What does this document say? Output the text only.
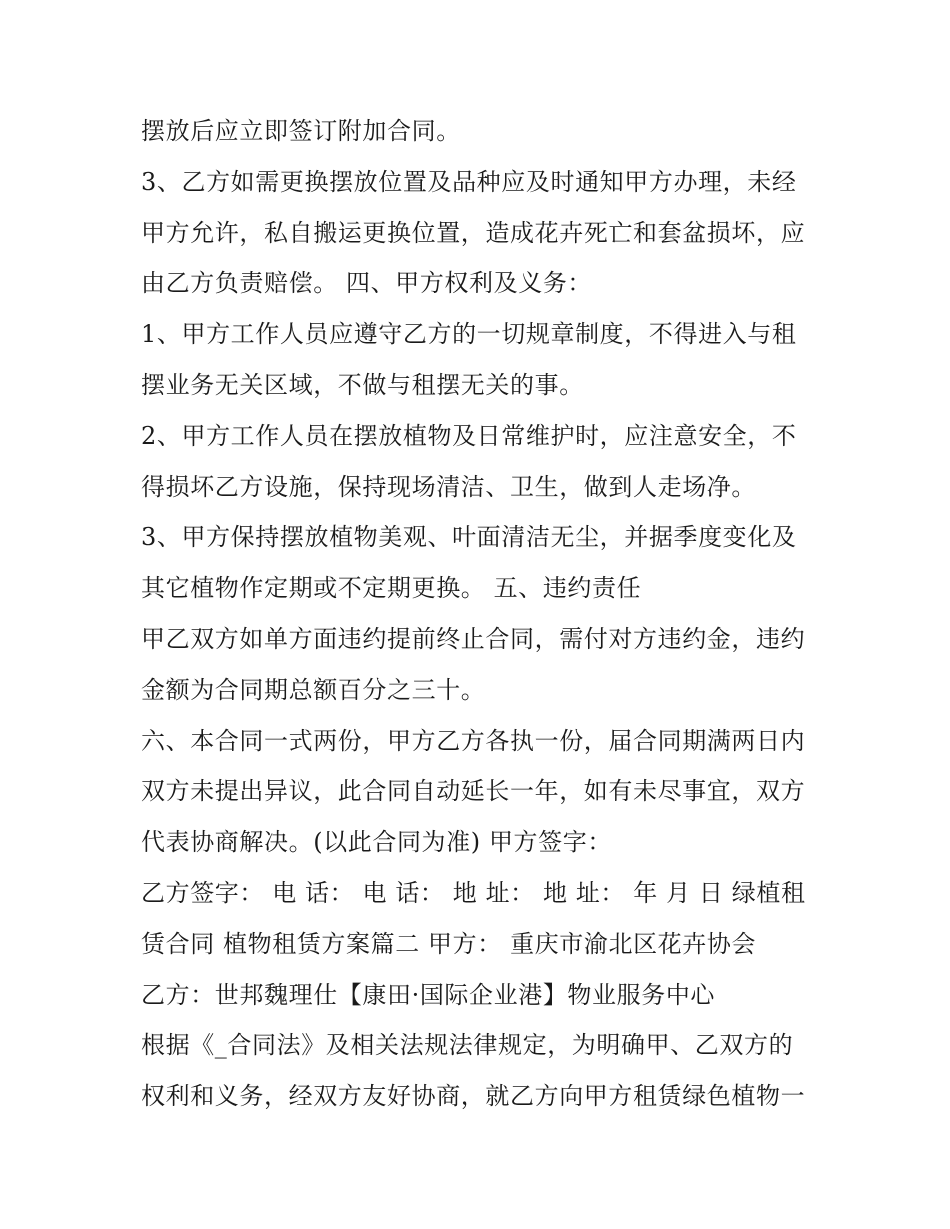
摆放后应立即签订附加合同。
3、乙方如需更换摆放位置及品种应及时通知甲方办理，未经
甲方允许，私自搬运更换位置，造成花卉死亡和套盆损坏，应
由乙方负责赔偿。 四、甲方权利及义务：
1、甲方工作人员应遵守乙方的一切规章制度，不得进入与租
摆业务无关区域，不做与租摆无关的事。
2、甲方工作人员在摆放植物及日常维护时，应注意安全，不
得损坏乙方设施，保持现场清洁、卫生，做到人走场净。
3、甲方保持摆放植物美观、叶面清洁无尘，并据季度变化及
其它植物作定期或不定期更换。 五、违约责任
甲乙双方如单方面违约提前终止合同，需付对方违约金，违约
金额为合同期总额百分之三十。
六、本合同一式两份，甲方乙方各执一份，届合同期满两日内
双方未提出异议，此合同自动延长一年，如有未尽事宜，双方
代表协商解决。(以此合同为准) 甲方签字：
乙方签字： 电 话： 电 话： 地 址： 地 址： 年 月 日 绿植租
赁合同 植物租赁方案篇二 甲方： 重庆市渝北区花卉协会
乙方：世邦魏理仕【康田·国际企业港】物业服务中心
根据《_合同法》及相关法规法律规定，为明确甲、乙双方的
权利和义务，经双方友好协商，就乙方向甲方租赁绿色植物一
